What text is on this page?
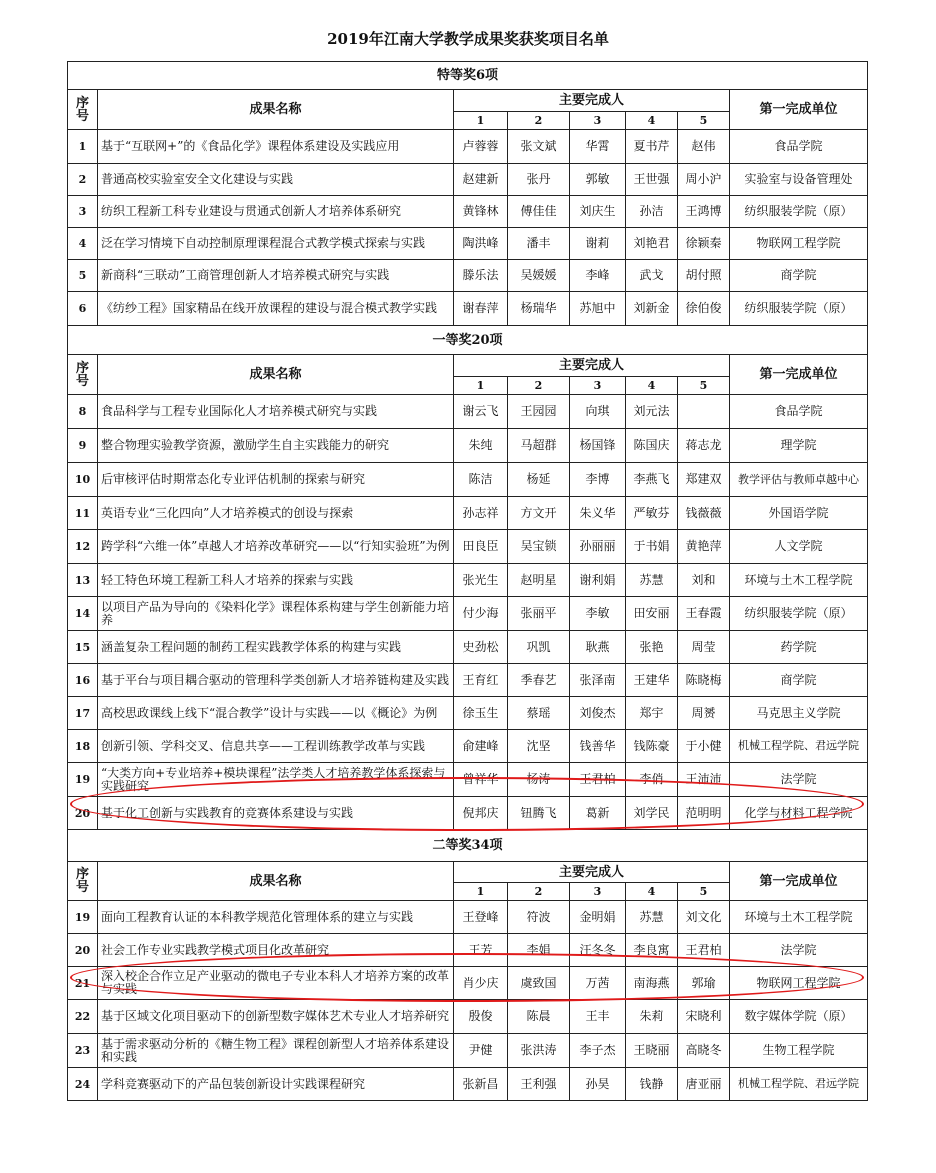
2019年江南大学教学成果奖获奖项目名单
特等奖6项							
序号	成果名称	主要完成人					第一完成单位
		1	2	3	4	5	
1	基于“互联网+”的《食品化学》课程体系建设及实践应用	卢蓉蓉	张文斌	华霄	夏书芹	赵伟	食品学院
2	普通高校实验室安全文化建设与实践	赵建新	张丹	郭敏	王世强	周小沪	实验室与设备管理处
3	纺织工程新工科专业建设与贯通式创新人才培养体系研究	黄锋林	傅佳佳	刘庆生	孙洁	王鸿博	纺织服装学院（原）
4	泛在学习情境下自动控制原理课程混合式教学模式探索与实践	陶洪峰	潘丰	谢莉	刘艳君	徐颖秦	物联网工程学院
5	新商科“三联动”工商管理创新人才培养模式研究与实践	滕乐法	吴媛媛	李峰	武戈	胡付照	商学院
6	《纺纱工程》国家精品在线开放课程的建设与混合模式教学实践	谢春萍	杨瑞华	苏旭中	刘新金	徐伯俊	纺织服装学院（原）
一等奖20项							
序号	成果名称	主要完成人					第一完成单位
		1	2	3	4	5	
8	食品科学与工程专业国际化人才培养模式研究与实践	谢云飞	王园园	向琪	刘元法		食品学院
9	整合物理实验教学资源，激励学生自主实践能力的研究	朱纯	马超群	杨国锋	陈国庆	蒋志龙	理学院
10	后审核评估时期常态化专业评估机制的探索与研究	陈洁	杨延	李博	李燕飞	郑建双	教学评估与教师卓越中心
11	英语专业“三化四向”人才培养模式的创设与探索	孙志祥	方文开	朱义华	严敏芬	钱薇薇	外国语学院
12	跨学科“六维一体”卓越人才培养改革研究——以“行知实验班”为例	田良臣	吴宝锁	孙丽丽	于书娟	黄艳萍	人文学院
13	轻工特色环境工程新工科人才培养的探索与实践	张光生	赵明星	谢利娟	苏慧	刘和	环境与土木工程学院
14	以项目产品为导向的《染料化学》课程体系构建与学生创新能力培养	付少海	张丽平	李敏	田安丽	王春霞	纺织服装学院（原）
15	涵盖复杂工程问题的制药工程实践教学体系的构建与实践	史劲松	巩凯	耿燕	张艳	周莹	药学院
16	基于平台与项目耦合驱动的管理科学类创新人才培养链构建及实践	王育红	季春艺	张泽南	王建华	陈晓梅	商学院
17	高校思政课线上线下“混合教学”设计与实践——以《概论》为例	徐玉生	蔡瑶	刘俊杰	郑宇	周赟	马克思主义学院
18	创新引领、学科交叉、信息共享——工程训练教学改革与实践	俞建峰	沈坚	钱善华	钱陈豪	于小健	机械工程学院、君远学院
19	“大类方向+专业培养+模块课程”法学类人才培养教学体系探索与实践研究	曾祥华	杨涛	王君柏	李俏	王沛沛	法学院
20	基于化工创新与实践教育的竞赛体系建设与实践	倪邦庆	钮腾飞	葛新	刘学民	范明明	化学与材料工程学院
二等奖34项							
序号	成果名称	主要完成人					第一完成单位
		1	2	3	4	5	
19	面向工程教育认证的本科教学规范化管理体系的建立与实践	王登峰	符波	金明娟	苏慧	刘文化	环境与土木工程学院
20	社会工作专业实践教学模式项目化改革研究	王芳	李娟	汪冬冬	李良寓	王君柏	法学院
21	深入校企合作立足产业驱动的微电子专业本科人才培养方案的改革与实践	肖少庆	虞致国	万茜	南海燕	郭瑜	物联网工程学院
22	基于区域文化项目驱动下的创新型数字媒体艺术专业人才培养研究	殷俊	陈晨	王丰	朱莉	宋晓利	数字媒体学院（原）
23	基于需求驱动分析的《糖生物工程》课程创新型人才培养体系建设和实践	尹健	张洪涛	李子杰	王晓丽	高晓冬	生物工程学院
24	学科竞赛驱动下的产品包装创新设计实践课程研究	张新昌	王利强	孙昊	钱静	唐亚丽	机械工程学院、君远学院
